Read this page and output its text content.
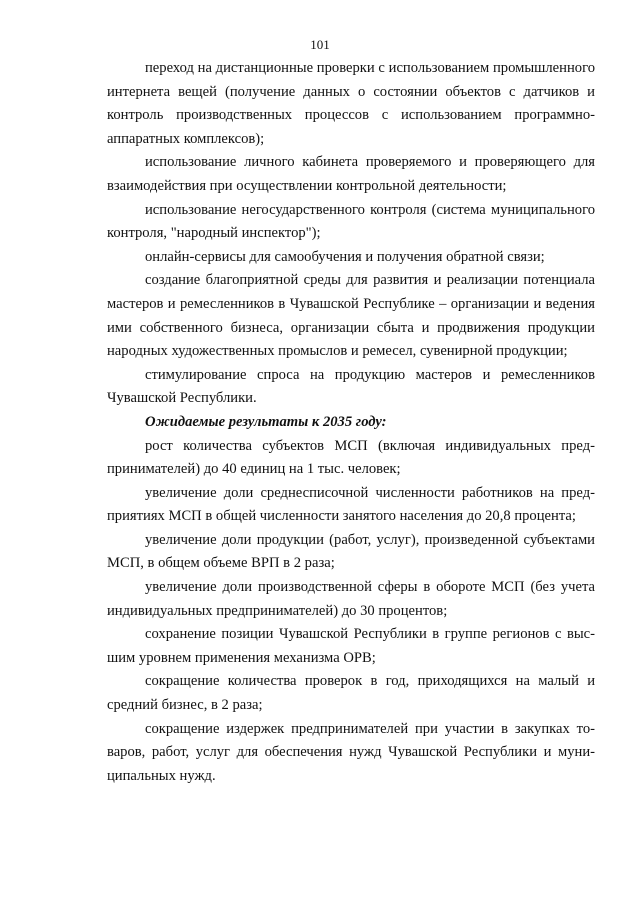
101

переход на дистанционные проверки с использованием промышленного интернета вещей (получение данных о состоянии объектов с датчиков и контроль производственных процессов с использованием программно-аппаратных комплексов);

использование личного кабинета проверяемого и проверяющего для взаимодействия при осуществлении контрольной деятельности;

использование негосударственного контроля (система муниципального контроля, "народный инспектор");

онлайн-сервисы для самообучения и получения обратной связи;

создание благоприятной среды для развития и реализации потенциала мастеров и ремесленников в Чувашской Республике – организации и ведения ими собственного бизнеса, организации сбыта и продвижения продукции народных художественных промыслов и ремесел, сувенирной продукции;

стимулирование спроса на продукцию мастеров и ремесленников Чувашской Республики.

Ожидаемые результаты к 2035 году:

рост количества субъектов МСП (включая индивидуальных предпринимателей) до 40 единиц на 1 тыс. человек;

увеличение доли среднесписочной численности работников на предприятиях МСП в общей численности занятого населения до 20,8 процента;

увеличение доли продукции (работ, услуг), произведенной субъектами МСП, в общем объеме ВРП в 2 раза;

увеличение доли производственной сферы в обороте МСП (без учета индивидуальных предпринимателей) до 30 процентов;

сохранение позиции Чувашской Республики в группе регионов с высшим уровнем применения механизма ОРВ;

сокращение количества проверок в год, приходящихся на малый и средний бизнес, в 2 раза;

сокращение издержек предпринимателей при участии в закупках товаров, работ, услуг для обеспечения нужд Чувашской Республики и муниципальных нужд.
